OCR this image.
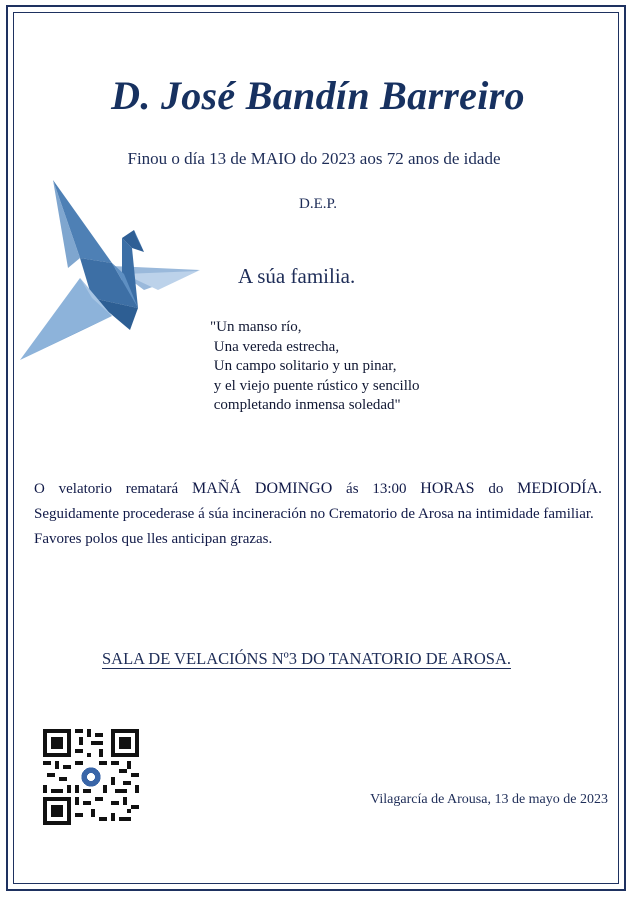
D. José Bandín Barreiro
Finou o día 13 de MAIO do 2023 aos 72 anos de idade
D.E.P.
A súa familia.
"Un manso río,
Una vereda estrecha,
Un campo solitario y un pinar,
y el viejo puente rústico y sencillo
completando inmensa soledad"
O velatorio rematará MAÑÁ DOMINGO ás 13:00 HORAS do MEDIODÍA.
Seguidamente procederase á súa incineración no Crematorio de Arosa na intimidade familiar.
Favores polos que lles anticipan grazas.
SALA DE VELACIÓNS Nº3 DO TANATORIO DE AROSA.
Vilagarcía de Arousa, 13 de mayo de 2023
